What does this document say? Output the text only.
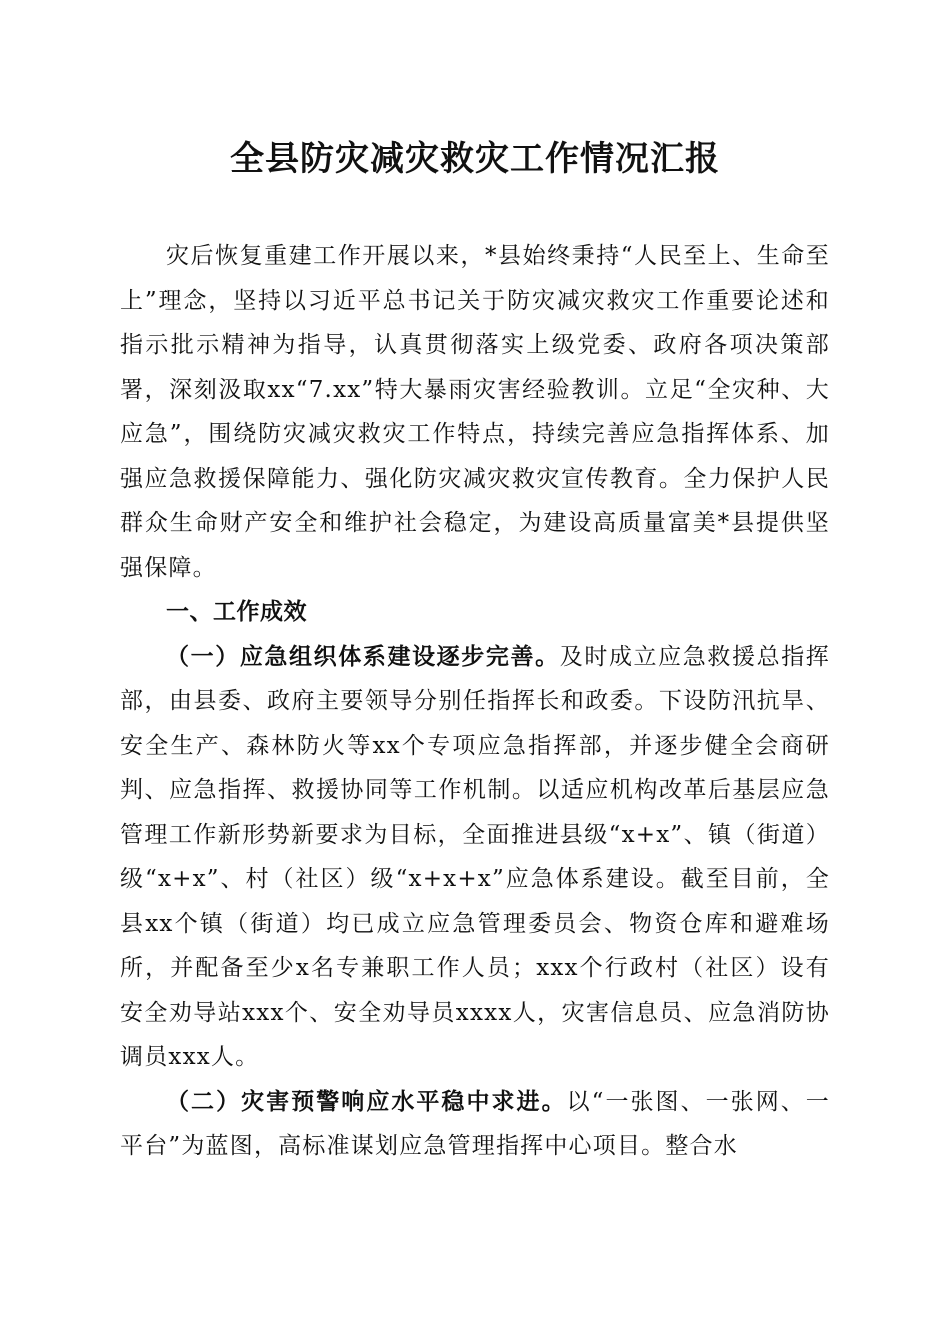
全县防灾减灾救灾工作情况汇报

灾后恢复重建工作开展以来，*县始终秉持“人民至上、生命至上”理念，坚持以习近平总书记关于防灾减灾救灾工作重要论述和指示批示精神为指导，认真贯彻落实上级党委、政府各项决策部署，深刻汲取xx“7.xx”特大暴雨灾害经验教训。立足“全灾种、大应急”，围绕防灾减灾救灾工作特点，持续完善应急指挥体系、加强应急救援保障能力、强化防灾减灾救灾宣传教育。全力保护人民群众生命财产安全和维护社会稳定，为建设高质量富美*县提供坚强保障。

一、工作成效

（一）应急组织体系建设逐步完善。及时成立应急救援总指挥部，由县委、政府主要领导分别任指挥长和政委。下设防汛抗旱、安全生产、森林防火等xx个专项应急指挥部，并逐步健全会商研判、应急指挥、救援协同等工作机制。以适应机构改革后基层应急管理工作新形势新要求为目标，全面推进县级“x+x”、镇（街道）级“x+x”、村（社区）级“x+x+x”应急体系建设。截至目前，全县xx个镇（街道）均已成立应急管理委员会、物资仓库和避难场所，并配备至少x名专兼职工作人员；xxx个行政村（社区）设有安全劝导站xxx个、安全劝导员xxxx人，灾害信息员、应急消防协调员xxx人。

（二）灾害预警响应水平稳中求进。以“一张图、一张网、一平台”为蓝图，高标准谋划应急管理指挥中心项目。整合水
